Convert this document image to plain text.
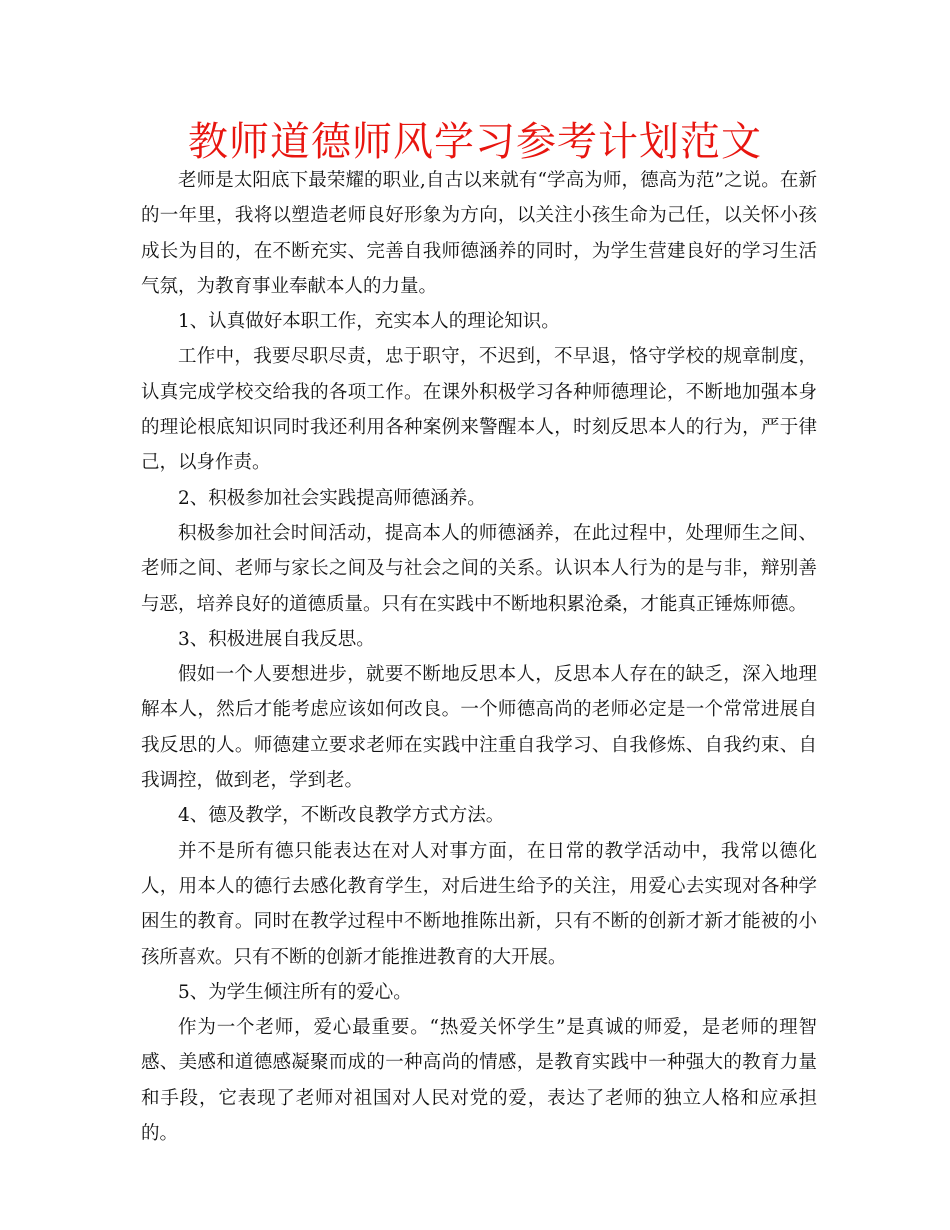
教师道德师风学习参考计划范文

老师是太阳底下最荣耀的职业,自古以来就有“学高为师，德高为范”之说。在新的一年里，我将以塑造老师良好形象为方向，以关注小孩生命为己任，以关怀小孩成长为目的，在不断充实、完善自我师德涵养的同时，为学生营建良好的学习生活气氛，为教育事业奉献本人的力量。

1、认真做好本职工作，充实本人的理论知识。

工作中，我要尽职尽责，忠于职守，不迟到，不早退，恪守学校的规章制度，认真完成学校交给我的各项工作。在课外积极学习各种师德理论，不断地加强本身的理论根底知识同时我还利用各种案例来警醒本人，时刻反思本人的行为，严于律己，以身作责。

2、积极参加社会实践提高师德涵养。

积极参加社会时间活动，提高本人的师德涵养，在此过程中，处理师生之间、老师之间、老师与家长之间及与社会之间的关系。认识本人行为的是与非，辩别善与恶，培养良好的道德质量。只有在实践中不断地积累沧桑，才能真正锤炼师德。

3、积极进展自我反思。

假如一个人要想进步，就要不断地反思本人，反思本人存在的缺乏，深入地理解本人，然后才能考虑应该如何改良。一个师德高尚的老师必定是一个常常进展自我反思的人。师德建立要求老师在实践中注重自我学习、自我修炼、自我约束、自我调控，做到老，学到老。

4、德及教学，不断改良教学方式方法。

并不是所有德只能表达在对人对事方面，在日常的教学活动中，我常以德化人，用本人的德行去感化教育学生，对后进生给予的关注，用爱心去实现对各种学困生的教育。同时在教学过程中不断地推陈出新，只有不断的创新才新才能被的小孩所喜欢。只有不断的创新才能推进教育的大开展。

5、为学生倾注所有的爱心。

作为一个老师，爱心最重要。“热爱关怀学生”是真诚的师爱，是老师的理智感、美感和道德感凝聚而成的一种高尚的情感，是教育实践中一种强大的教育力量和手段，它表现了老师对祖国对人民对党的爱，表达了老师的独立人格和应承担的。
